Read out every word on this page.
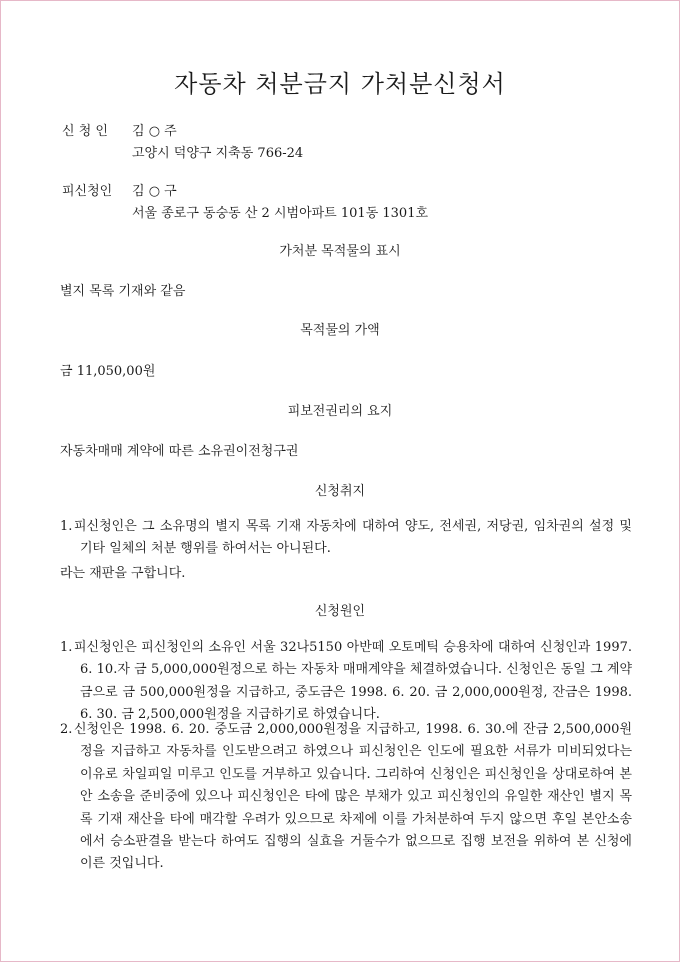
자동차 처분금지 가처분신청서
신 청 인	김 ○ 주
고양시 덕양구 지축동 766-24
피신청인	김 ○ 구
서울 종로구 동숭동 산 2 시범아파트 101동 1301호
가처분 목적물의 표시

별지 목록 기재와 같음

목적물의 가액

금 11,050,00원

피보전권리의 요지

자동차매매 계약에 따른 소유권이전청구권

신청취지
1. 피신청인은 그 소유명의 별지 목록 기재 자동차에 대하여 양도, 전세권, 저당권, 임차권의 설정 및 기타 일체의 처분 행위를 하여서는 아니된다.

라는 재판을 구합니다.

신청원인
1. 피신청인은 피신청인의 소유인 서울 32나5150 아반떼 오토메틱 승용차에 대하여 신청인과 1997. 6. 10.자 금 5,000,000원정으로 하는 자동차 매매계약을 체결하였습니다. 신청인은 동일 그 계약금으로 금 500,000원정을 지급하고, 중도금은 1998. 6. 20. 금 2,000,000원정, 잔금은 1998. 6. 30. 금 2,500,000원정을 지급하기로 하였습니다.
2. 신청인은 1998. 6. 20. 중도금 2,000,000원정을 지급하고, 1998. 6. 30.에 잔금 2,500,000원정을 지급하고 자동차를 인도받으려고 하였으나 피신청인은 인도에 필요한 서류가 미비되었다는 이유로 차일피일 미루고 인도를 거부하고 있습니다. 그리하여 신청인은 피신청인을 상대로하여 본안 소송을 준비중에 있으나 피신청인은 타에 많은 부채가 있고 피신청인의 유일한 재산인 별지 목록 기재 재산을 타에 매각할 우려가 있으므로 차제에 이를 가처분하여 두지 않으면 후일 본안소송에서 승소판결을 받는다 하여도 집행의 실효을 거둘수가 없으므로 집행 보전을 위하여 본 신청에 이른 것입니다.
